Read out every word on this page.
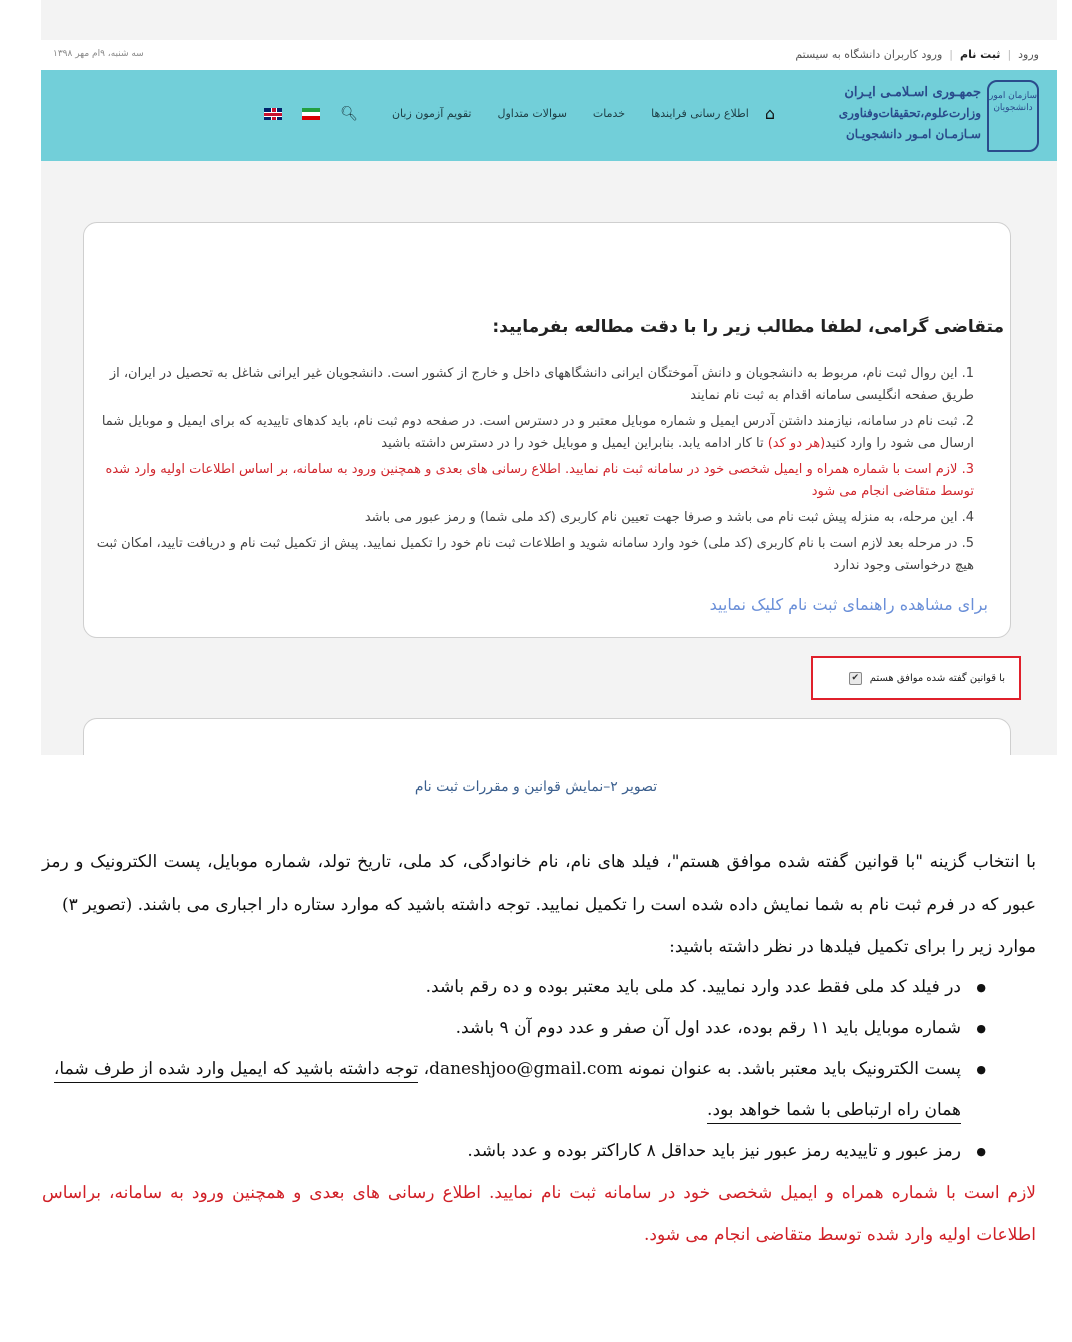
ورود|ثبت نام|ورود کاربران دانشگاه به سیستم
سه شنبه، ۹ام مهر ۱۳۹۸
سازمان امور دانشجویان
جمهـوری اسـلامـی ایـران
وزارت‌علوم،تحقیقات‌وفناوری
سـازمـان امـور دانشجویـان
⌂
اطلاع رسانی فرایندها
خدمات
سوالات متداول
تقویم آزمون زبان
🔍︎
متقاضی گرامی، لطفا مطالب زیر را با دقت مطالعه بفرمایید:
1. این روال ثبت نام، مربوط به دانشجویان و دانش آموختگان ایرانی دانشگاههای داخل و خارج از کشور است. دانشجویان غیر ایرانی شاغل به تحصیل در ایران، از طریق صفحه انگلیسی سامانه اقدام به ثبت نام نمایند
2. ثبت نام در سامانه، نیازمند داشتن آدرس ایمیل و شماره موبایل معتبر و در دسترس است. در صفحه دوم ثبت نام، باید کدهای تاییدیه که برای ایمیل و موبایل شما ارسال می شود را وارد کنید(هر دو کد) تا کار ادامه یابد. بنابراین ایمیل و موبایل خود را در دسترس داشته باشید
3. لازم است با شماره همراه و ایمیل شخصی خود در سامانه ثبت نام نمایید. اطلاع رسانی های بعدی و همچنین ورود به سامانه، بر اساس اطلاعات اولیه وارد شده توسط متقاضی انجام می شود
4. این مرحله، به منزله پیش ثبت نام می باشد و صرفا جهت تعیین نام کاربری (کد ملی شما) و رمز عبور می باشد
5. در مرحله بعد لازم است با نام کاربری (کد ملی) خود وارد سامانه شوید و اطلاعات ثبت نام خود را تکمیل نمایید. پیش از تکمیل ثبت نام و دریافت تایید، امکان ثبت هیچ درخواستی وجود ندارد
برای مشاهده راهنمای ثبت نام کلیک نمایید
با قوانین گفته شده موافق هستم
✔
تصویر ۲–نمایش قوانین و مقررات ثبت نام
با انتخاب گزینه "با قوانین گفته شده موافق هستم"، فیلد های نام، نام خانوادگی، کد ملی، تاریخ تولد، شماره موبایل، پست الکترونیک و رمز عبور که در فرم ثبت نام به شما نمایش داده شده است را تکمیل نمایید. توجه داشته باشید که موارد ستاره دار اجباری می باشند. (تصویر ۳)
موارد زیر را برای تکمیل فیلدها در نظر داشته باشید:
● در فیلد کد ملی فقط عدد وارد نمایید. کد ملی باید معتبر بوده و ده رقم باشد.
● شماره موبایل باید ۱۱ رقم بوده، عدد اول آن صفر و عدد دوم آن ۹ باشد.
● پست الکترونیک باید معتبر باشد. به عنوان نمونه daneshjoo@gmail.com، توجه داشته باشید که ایمیل وارد شده از طرف شما، همان راه ارتباطی با شما خواهد بود.
● رمز عبور و تاییدیه رمز عبور نیز باید حداقل ۸ کاراکتر بوده و عدد باشد.
لازم است با شماره همراه و ایمیل شخصی خود در سامانه ثبت نام نمایید. اطلاع رسانی های بعدی و همچنین ورود به سامانه، براساس اطلاعات اولیه وارد شده توسط متقاضی انجام می شود.
